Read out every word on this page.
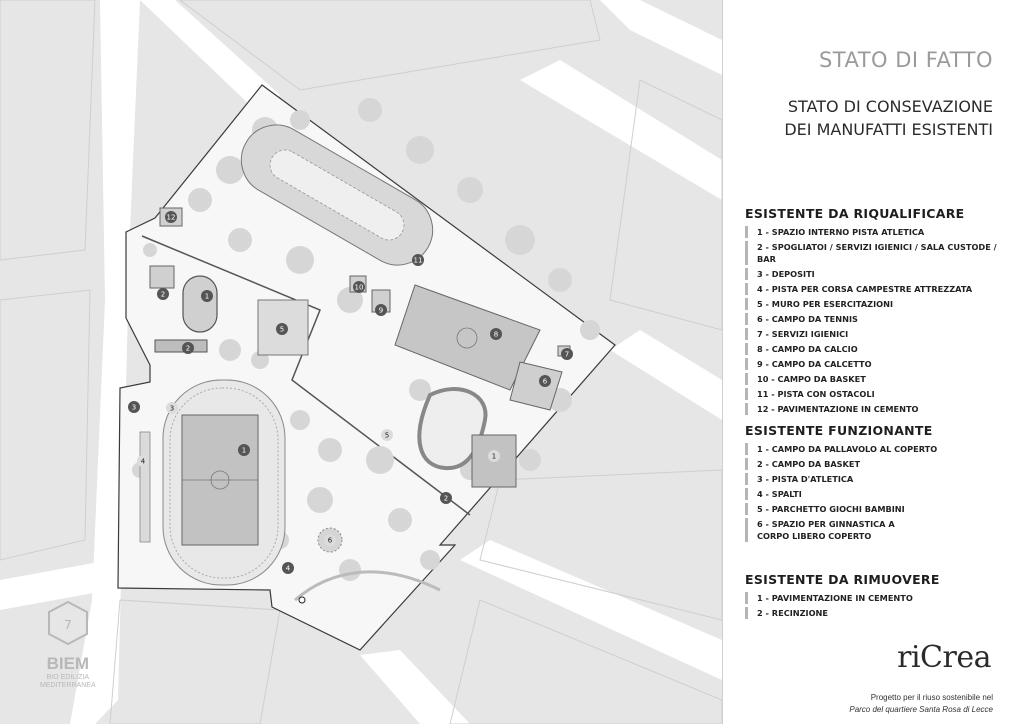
11
12
10
9
8
7
6
5
1
2
2
3	3
4
1
5
1
2
6
4
7
BIEM
BIO EDILIZIA
MEDITERRANEA
STATO DI FATTO
STATO DI CONSEVAZIONE
DEI MANUFATTI ESISTENTI
ESISTENTE DA RIQUALIFICARE
1 - SPAZIO INTERNO PISTA ATLETICA
2 - SPOGLIATOI / SERVIZI IGIENICI / SALA CUSTODE / BAR
3 - DEPOSITI
4 - PISTA PER CORSA CAMPESTRE ATTREZZATA
5 - MURO PER ESERCITAZIONI
6 - CAMPO DA TENNIS
7 - SERVIZI IGIENICI
8 - CAMPO DA CALCIO
9 - CAMPO DA CALCETTO
10 - CAMPO DA BASKET
11 - PISTA CON OSTACOLI
12 - PAVIMENTAZIONE IN CEMENTO
ESISTENTE FUNZIONANTE
1 - CAMPO DA PALLAVOLO AL COPERTO
2 - CAMPO DA BASKET
3 - PISTA D'ATLETICA
4 - SPALTI
5 - PARCHETTO GIOCHI BAMBINI
6 - SPAZIO PER GINNASTICA A CORPO LIBERO COPERTO
ESISTENTE DA RIMUOVERE
1 - PAVIMENTAZIONE IN CEMENTO
2 - RECINZIONE
riCrea
Progetto per il riuso sostenibile nel
Parco del quartiere Santa Rosa di Lecce
